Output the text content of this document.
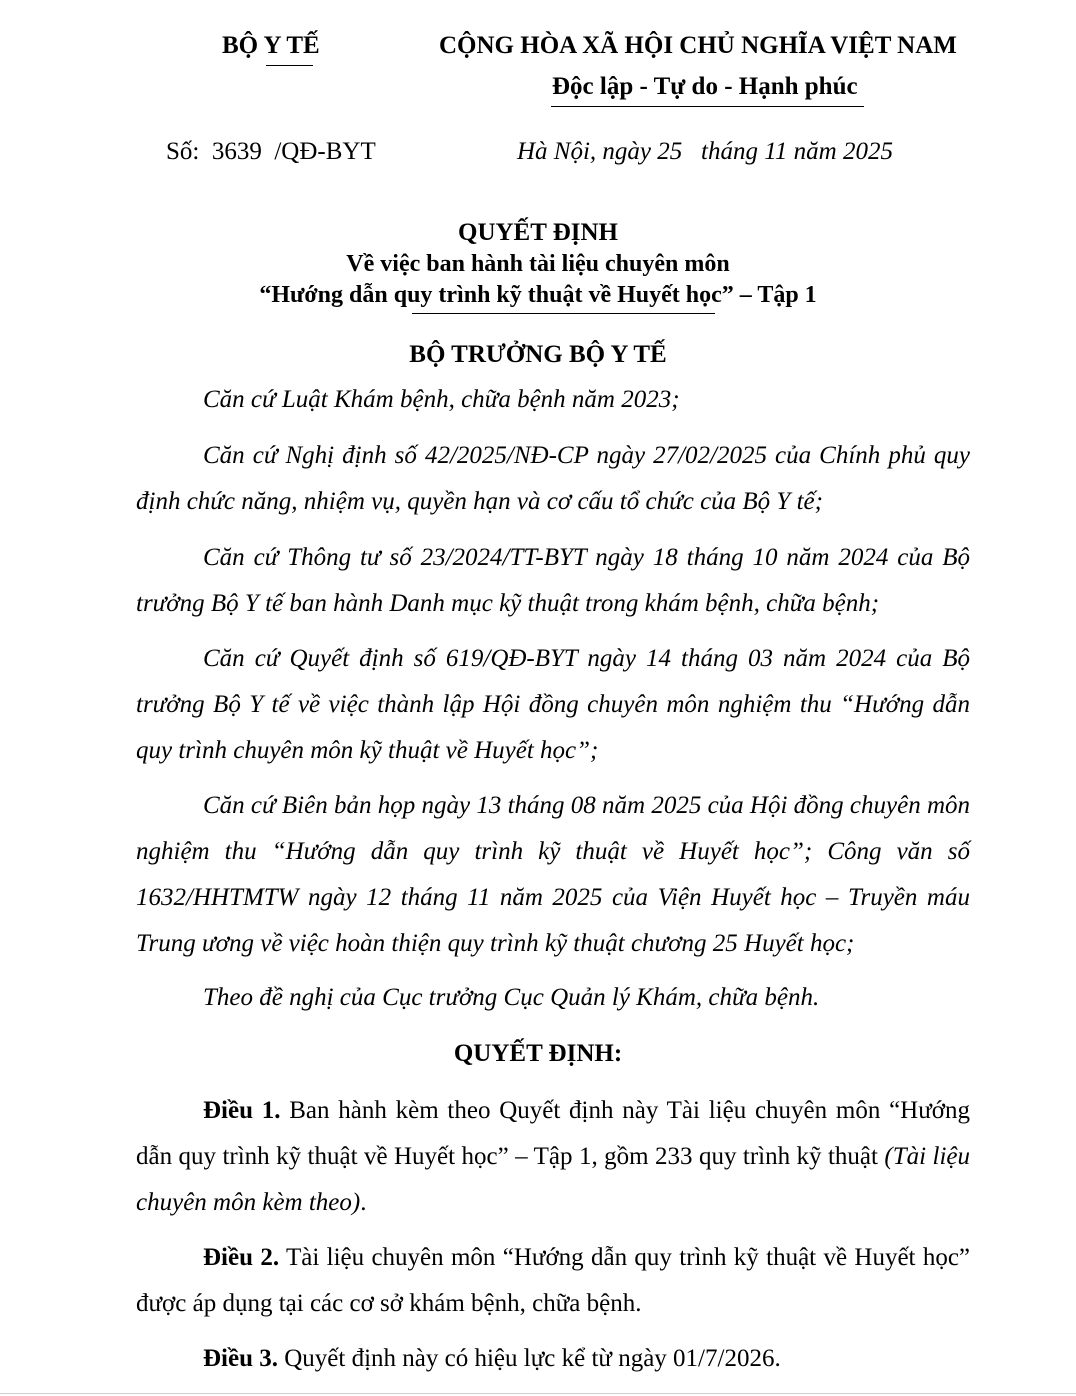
BỘ Y TẾ	CỘNG HÒA XÃ HỘI CHỦ NGHĨA VIỆT NAM
Độc lập - Tự do - Hạnh phúc
Số: 3639 /QĐ-BYT	Hà Nội, ngày 25 tháng 11 năm 2025
QUYẾT ĐỊNH
Về việc ban hành tài liệu chuyên môn
“Hướng dẫn quy trình kỹ thuật về Huyết học” – Tập 1
BỘ TRƯỞNG BỘ Y TẾ
Căn cứ Luật Khám bệnh, chữa bệnh năm 2023;
Căn cứ Nghị định số 42/2025/NĐ-CP ngày 27/02/2025 của Chính phủ quy định chức năng, nhiệm vụ, quyền hạn và cơ cấu tổ chức của Bộ Y tế;
Căn cứ Thông tư số 23/2024/TT-BYT ngày 18 tháng 10 năm 2024 của Bộ trưởng Bộ Y tế ban hành Danh mục kỹ thuật trong khám bệnh, chữa bệnh;
Căn cứ Quyết định số 619/QĐ-BYT ngày 14 tháng 03 năm 2024 của Bộ trưởng Bộ Y tế về việc thành lập Hội đồng chuyên môn nghiệm thu “Hướng dẫn quy trình chuyên môn kỹ thuật về Huyết học”;
Căn cứ Biên bản họp ngày 13 tháng 08 năm 2025 của Hội đồng chuyên môn nghiệm thu “Hướng dẫn quy trình kỹ thuật về Huyết học”; Công văn số 1632/HHTMTW ngày 12 tháng 11 năm 2025 của Viện Huyết học – Truyền máu Trung ương về việc hoàn thiện quy trình kỹ thuật chương 25 Huyết học;
Theo đề nghị của Cục trưởng Cục Quản lý Khám, chữa bệnh.
QUYẾT ĐỊNH:
Điều 1. Ban hành kèm theo Quyết định này Tài liệu chuyên môn “Hướng dẫn quy trình kỹ thuật về Huyết học” – Tập 1, gồm 233 quy trình kỹ thuật (Tài liệu chuyên môn kèm theo).
Điều 2. Tài liệu chuyên môn “Hướng dẫn quy trình kỹ thuật về Huyết học” được áp dụng tại các cơ sở khám bệnh, chữa bệnh.
Điều 3. Quyết định này có hiệu lực kể từ ngày 01/7/2026.
